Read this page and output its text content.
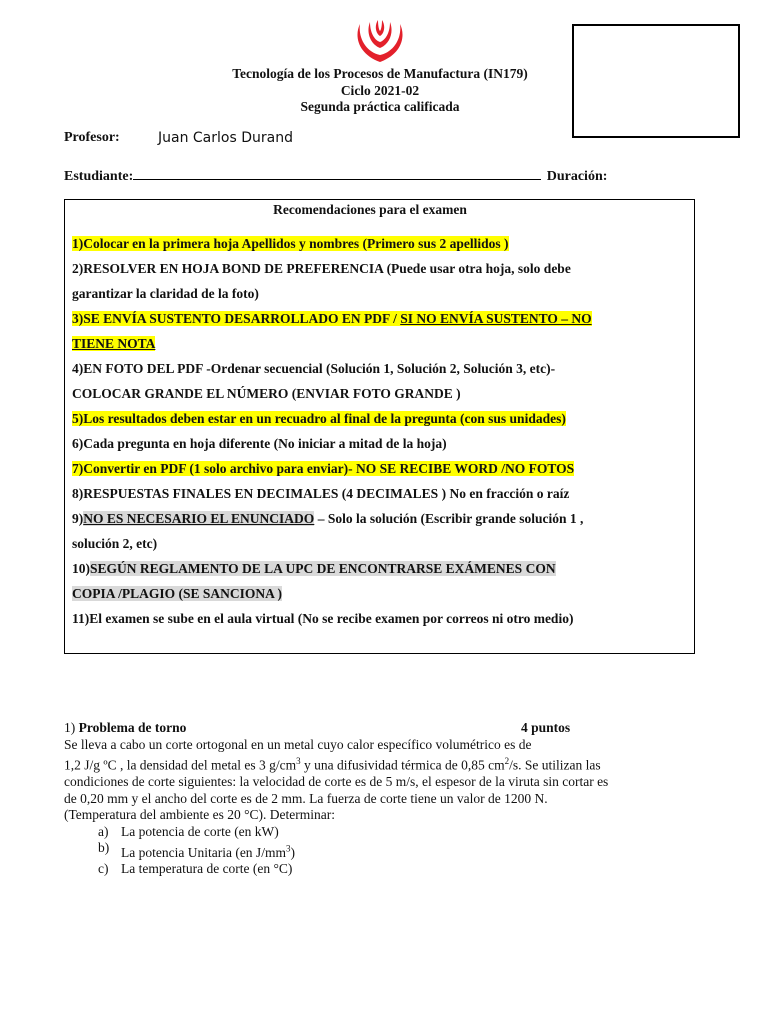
Tecnología de los Procesos de Manufactura (IN179)
Ciclo 2021-02
Segunda práctica calificada
Profesor:	Juan Carlos Durand
Estudiante:	Duración:
Recomendaciones para el examen

1)Colocar en la primera hoja Apellidos y nombres (Primero sus 2 apellidos )

2)RESOLVER EN HOJA BOND DE PREFERENCIA (Puede usar otra hoja, solo debe

garantizar la claridad de la foto)

3)SE ENVÍA SUSTENTO DESARROLLADO EN PDF / SI NO ENVÍA SUSTENTO – NO

TIENE NOTA

4)EN FOTO DEL PDF -Ordenar secuencial (Solución 1, Solución 2, Solución 3, etc)-

COLOCAR GRANDE EL NÚMERO (ENVIAR FOTO GRANDE )

5)Los resultados deben estar en un recuadro al final de la pregunta (con sus unidades)

6)Cada pregunta en hoja diferente (No iniciar a mitad de la hoja)

7)Convertir en PDF (1 solo archivo para enviar)- NO SE RECIBE WORD /NO FOTOS

8)RESPUESTAS FINALES EN DECIMALES (4 DECIMALES ) No en fracción o raíz

9)NO ES NECESARIO EL ENUNCIADO – Solo la solución (Escribir grande solución 1 ,

solución 2, etc)

10)SEGÚN REGLAMENTO DE LA UPC DE ENCONTRARSE EXÁMENES CON

COPIA /PLAGIO (SE SANCIONA )

11)El examen se sube en el aula virtual (No se recibe examen por correos ni otro medio)

1) Problema de torno	4 puntos
Se lleva a cabo un corte ortogonal en un metal cuyo calor específico volumétrico es de
1,2 J/g ºC , la densidad del metal es 3 $g/cm^3$ y una difusividad térmica de 0,85 $cm^2/s$. Se utilizan las
condiciones de corte siguientes: la velocidad de corte es de 5 m/s, el espesor de la viruta sin cortar es
de 0,20 mm y el ancho del corte es de 2 mm. La fuerza de corte tiene un valor de 1200 N.
(Temperatura del ambiente es 20 °C). Determinar:
a) La potencia de corte (en kW)
b) La potencia Unitaria (en $J/mm^3$)
c) La temperatura de corte (en °C)
